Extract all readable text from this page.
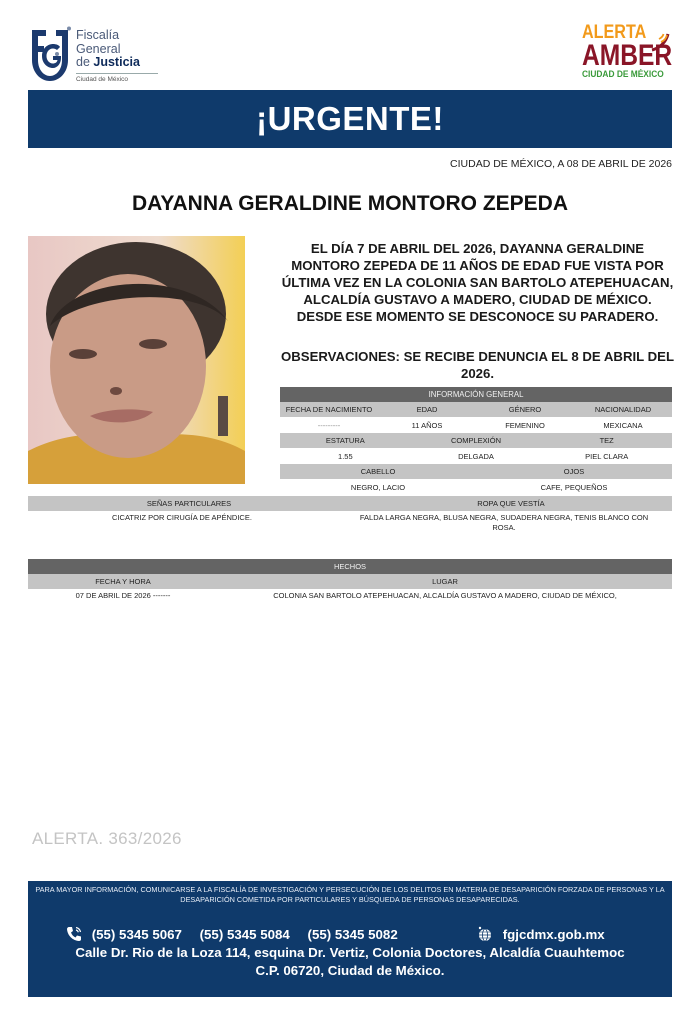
Fiscalía
General
de Justicia
Ciudad de México
ALERTA
AMBER
CIUDAD DE MÉXICO
¡URGENTE!
CIUDAD DE MÉXICO, A 08 DE ABRIL DE 2026
DAYANNA GERALDINE MONTORO ZEPEDA
EL DÍA 7 DE ABRIL DEL 2026, DAYANNA GERALDINE MONTORO ZEPEDA DE 11 AÑOS DE EDAD FUE VISTA POR ÚLTIMA VEZ EN LA COLONIA SAN BARTOLO ATEPEHUACAN, ALCALDÍA GUSTAVO A MADERO, CIUDAD DE MÉXICO. DESDE ESE MOMENTO SE DESCONOCE SU PARADERO.
OBSERVACIONES: SE RECIBE DENUNCIA EL 8 DE ABRIL DEL 2026.
INFORMACIÓN GENERAL
FECHA DE NACIMIENTO	EDAD	GÉNERO	NACIONALIDAD
---------	11 AÑOS	FEMENINO	MEXICANA
ESTATURA	COMPLEXIÓN	TEZ
1.55	DELGADA	PIEL CLARA
CABELLO	OJOS
NEGRO, LACIO	CAFE, PEQUEÑOS
SEÑAS PARTICULARES	ROPA QUE VESTÍA
CICATRIZ POR CIRUGÍA DE APÉNDICE.	FALDA LARGA NEGRA, BLUSA NEGRA, SUDADERA NEGRA, TENIS BLANCO CON ROSA.
HECHOS
FECHA Y HORA	LUGAR
07 DE ABRIL DE 2026 -------	COLONIA SAN BARTOLO ATEPEHUACAN, ALCALDÍA GUSTAVO A MADERO, CIUDAD DE MÉXICO,
ALERTA. 363/2026
PARA MAYOR INFORMACIÓN, COMUNICARSE A LA FISCALÍA DE INVESTIGACIÓN Y PERSECUCIÓN DE LOS DELITOS EN MATERIA DE DESAPARICIÓN FORZADA DE PERSONAS Y LA DESAPARICIÓN COMETIDA POR PARTICULARES Y BÚSQUEDA DE PERSONAS DESAPARECIDAS.
(55) 5345 5067 (55) 5345 5084 (55) 5345 5082	fgjcdmx.gob.mx
Calle Dr. Rio de la Loza 114, esquina Dr. Vertiz, Colonia Doctores, Alcaldía Cuauhtemoc
C.P. 06720, Ciudad de México.
